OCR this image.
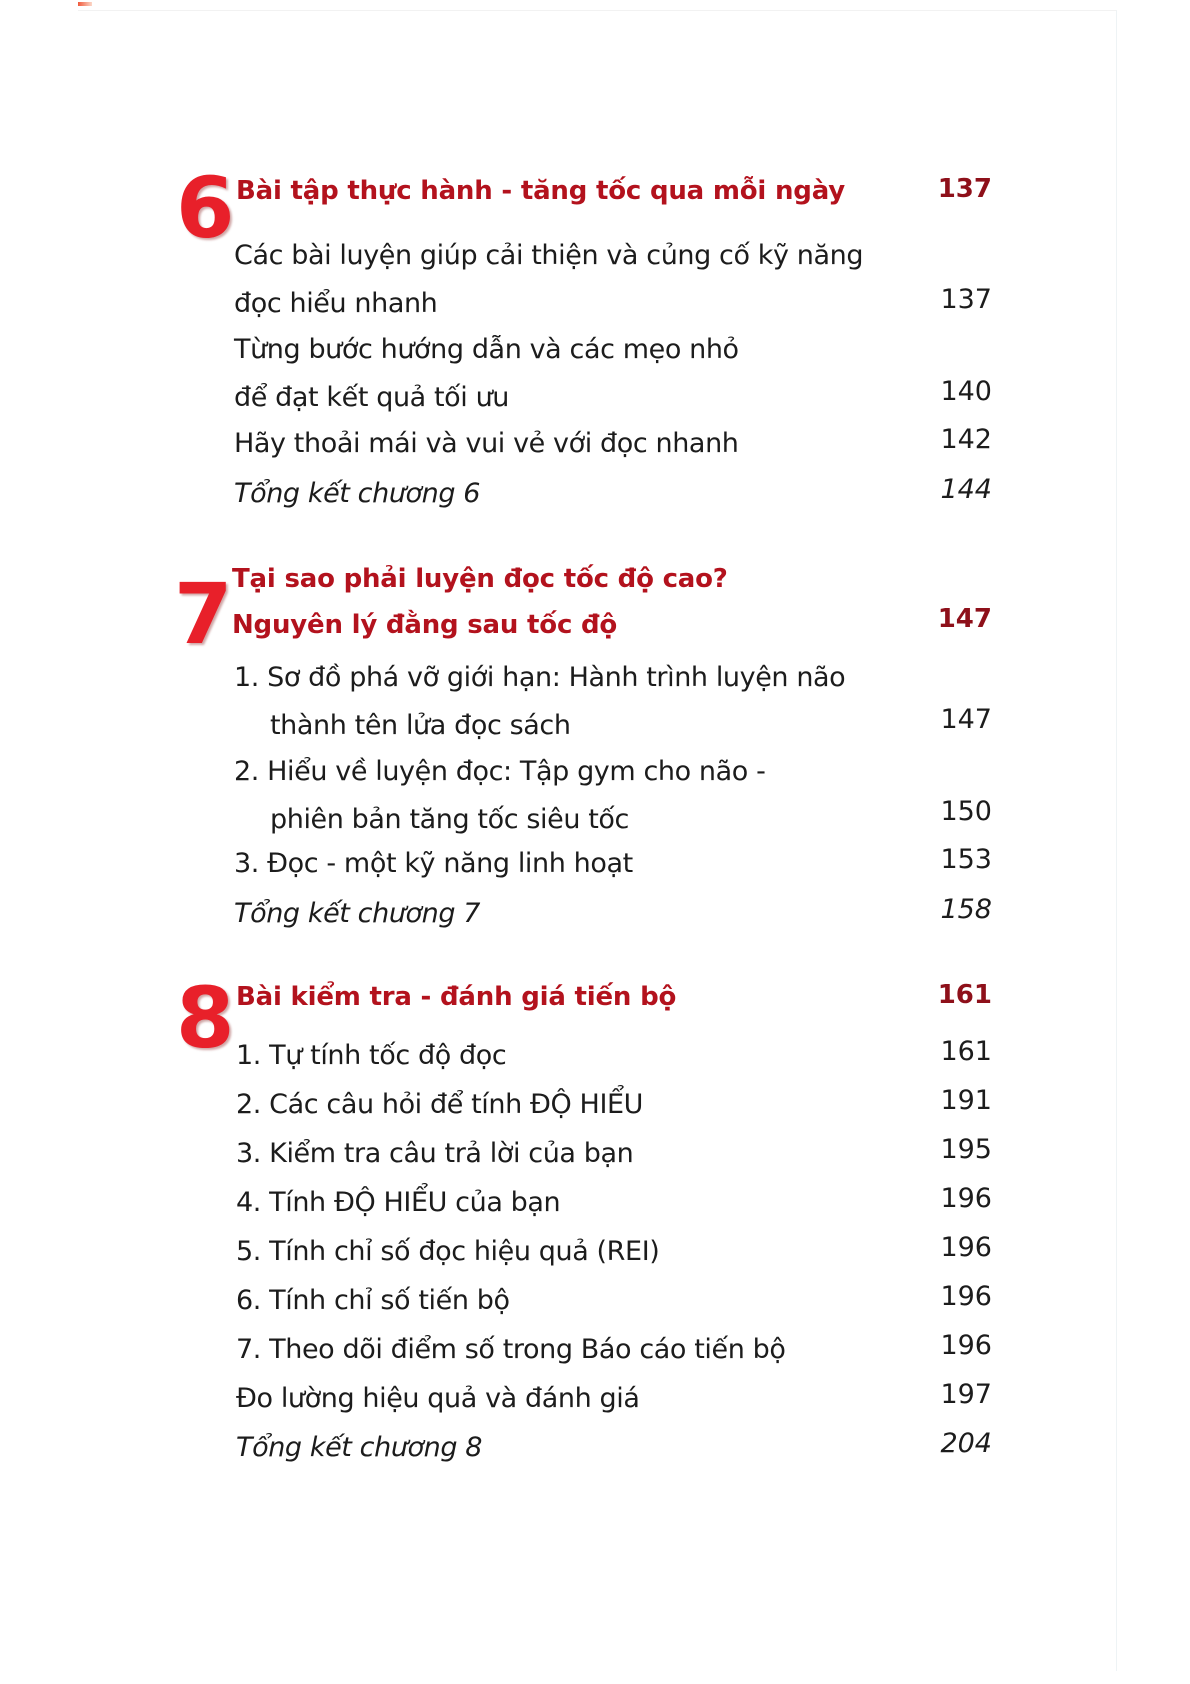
6 Bài tập thực hành - tăng tốc qua mỗi ngày	137
Các bài luyện giúp cải thiện và củng cố kỹ năng
đọc hiểu nhanh	137
Từng bước hướng dẫn và các mẹo nhỏ
để đạt kết quả tối ưu	140
Hãy thoải mái và vui vẻ với đọc nhanh	142
Tổng kết chương 6	144
7 Tại sao phải luyện đọc tốc độ cao?
Nguyên lý đằng sau tốc độ	147
1. Sơ đồ phá vỡ giới hạn: Hành trình luyện não
thành tên lửa đọc sách	147
2. Hiểu về luyện đọc: Tập gym cho não -
phiên bản tăng tốc siêu tốc	150
3. Đọc - một kỹ năng linh hoạt	153
Tổng kết chương 7	158
8 Bài kiểm tra - đánh giá tiến bộ	161
1. Tự tính tốc độ đọc	161
2. Các câu hỏi để tính ĐỘ HIỂU	191
3. Kiểm tra câu trả lời của bạn	195
4. Tính ĐỘ HIỂU của bạn	196
5. Tính chỉ số đọc hiệu quả (REI)	196
6. Tính chỉ số tiến bộ	196
7. Theo dõi điểm số trong Báo cáo tiến bộ	196
Đo lường hiệu quả và đánh giá	197
Tổng kết chương 8	204
